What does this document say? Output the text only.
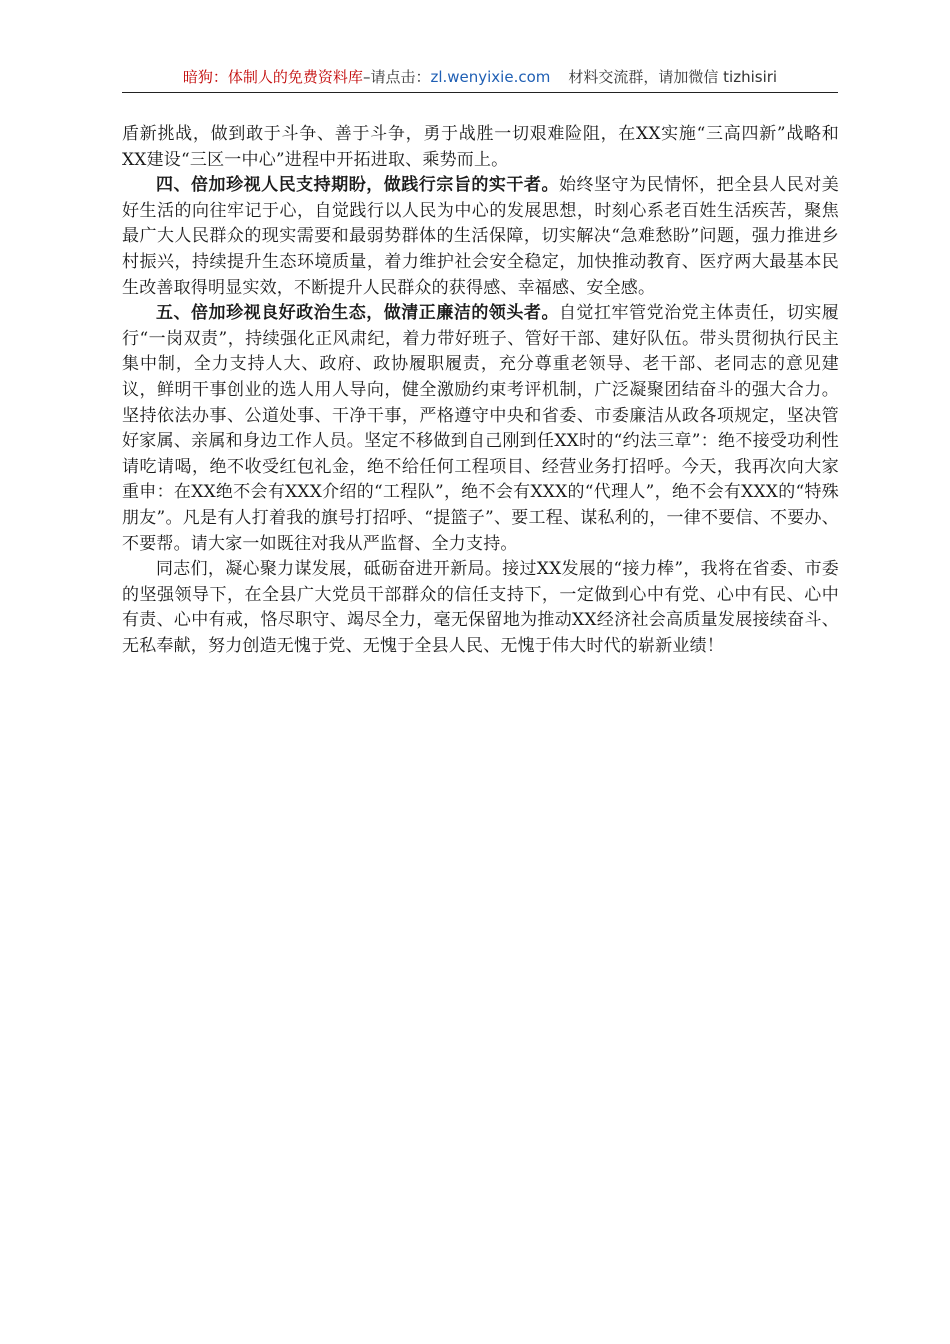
暗狗：体制人的免费资料库–请点击：zl.wenyixie.com 材料交流群，请加微信 tizhisiri

盾新挑战，做到敢于斗争、善于斗争，勇于战胜一切艰难险阻，在XX实施“三高四新”战略和XX建设“三区一中心”进程中开拓进取、乘势而上。

四、倍加珍视人民支持期盼，做践行宗旨的实干者。始终坚守为民情怀，把全县人民对美好生活的向往牢记于心，自觉践行以人民为中心的发展思想，时刻心系老百姓生活疾苦，聚焦最广大人民群众的现实需要和最弱势群体的生活保障，切实解决“急难愁盼”问题，强力推进乡村振兴，持续提升生态环境质量，着力维护社会安全稳定，加快推动教育、医疗两大最基本民生改善取得明显实效，不断提升人民群众的获得感、幸福感、安全感。

五、倍加珍视良好政治生态，做清正廉洁的领头者。自觉扛牢管党治党主体责任，切实履行“一岗双责”，持续强化正风肃纪，着力带好班子、管好干部、建好队伍。带头贯彻执行民主集中制，全力支持人大、政府、政协履职履责，充分尊重老领导、老干部、老同志的意见建议，鲜明干事创业的选人用人导向，健全激励约束考评机制，广泛凝聚团结奋斗的强大合力。坚持依法办事、公道处事、干净干事，严格遵守中央和省委、市委廉洁从政各项规定，坚决管好家属、亲属和身边工作人员。坚定不移做到自己刚到任XX时的“约法三章”：绝不接受功利性请吃请喝，绝不收受红包礼金，绝不给任何工程项目、经营业务打招呼。今天，我再次向大家重申：在XX绝不会有XXX介绍的“工程队”，绝不会有XXX的“代理人”，绝不会有XXX的“特殊朋友”。凡是有人打着我的旗号打招呼、“提篮子”、要工程、谋私利的，一律不要信、不要办、不要帮。请大家一如既往对我从严监督、全力支持。

同志们，凝心聚力谋发展，砥砺奋进开新局。接过XX发展的“接力棒”，我将在省委、市委的坚强领导下，在全县广大党员干部群众的信任支持下，一定做到心中有党、心中有民、心中有责、心中有戒，恪尽职守、竭尽全力，毫无保留地为推动XX经济社会高质量发展接续奋斗、无私奉献，努力创造无愧于党、无愧于全县人民、无愧于伟大时代的崭新业绩！
